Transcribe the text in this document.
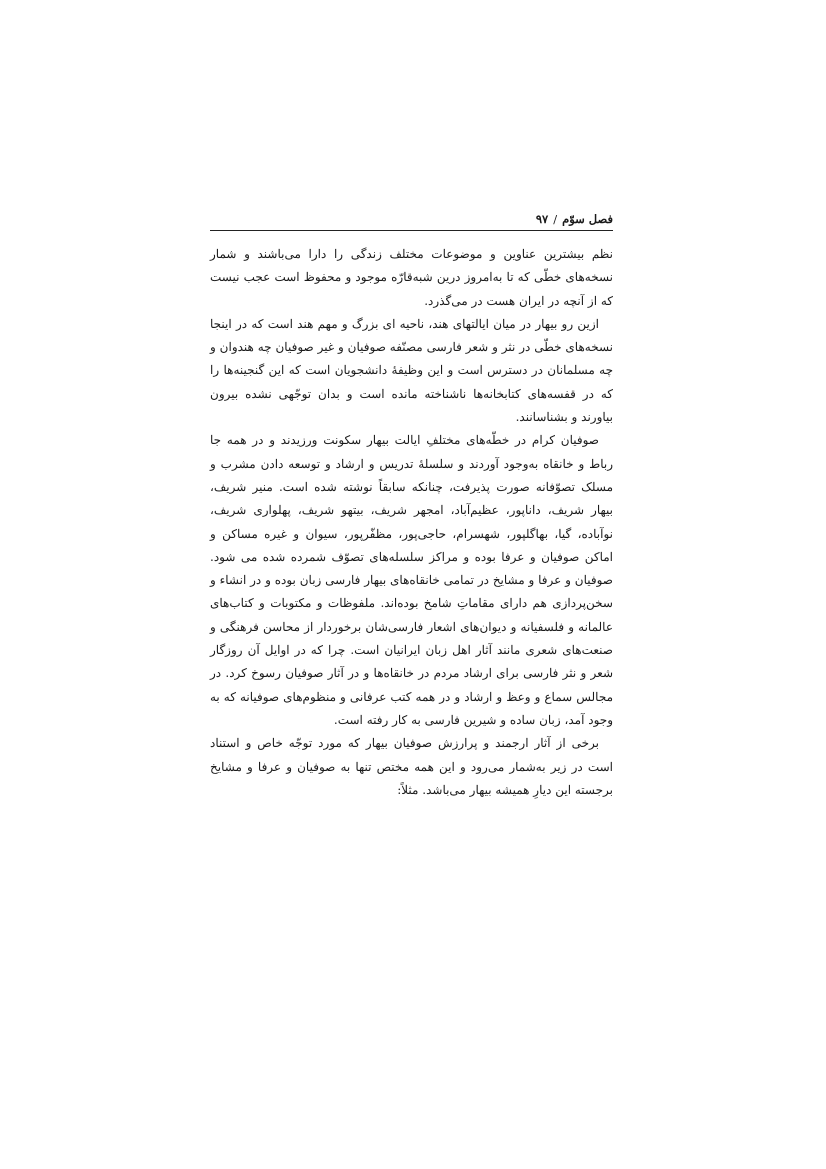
فصل سوّم
/
۹۷

نظم بیشترین عناوین و موضوعات مختلف زندگی را دارا می‌باشند و شمار نسخه‌های خطّی که تا به‌امروز درین شبه‌قارّه موجود و محفوظ است عجب نیست که از آنچه در ایران هست در می‌گذرد.

ازین رو بیهار در میان ایالتهای هند، ناحیه ای بزرگ و مهم هند است که در اینجا نسخه‌های خطّی در نثر و شعر فارسی مصنّفه صوفیان و غیر صوفیان چه هندوان و چه مسلمانان در دسترس است و این وظیفهٔ دانشجویان است که این گنجینه‌ها را که در قفسه‌های کتابخانه‌ها ناشناخته مانده است و بدان توجّهی نشده بیرون بیاورند و بشناسانند.

صوفیان کرام در خطّه‌های مختلفِ ایالت بیهار سکونت ورزیدند و در همه جا رباط و خانقاه به‌وجود آوردند و سلسلهٔ تدریس و ارشاد و توسعه دادن مشرب و مسلک تصوّفانه صورت پذیرفت، چنانکه سابقاً نوشته شده است. منیر شریف، بیهار شریف، داناپور، عظیم‌آباد، امجهر شریف، بیتهو شریف، پهلواری شریف، نوآباده، گیا، بهاگلپور، شهسرام، حاجی‌پور، مظفّرپور، سیوان و غیره مساکن و اماکن صوفیان و عرفا بوده و مراکز سلسله‌های تصوّف شمرده شده می شود. صوفیان و عرفا و مشایخ در تمامی خانقاه‌های بیهار فارسی زبان بوده و در انشاء و سخن‌پردازی هم دارای مقاماتِ شامخ بوده‌اند. ملفوظات و مکتوبات و کتاب‌های عالمانه و فلسفیانه و دیوان‌های اشعار فارسی‌شان برخوردار از محاسن فرهنگی و صنعت‌های شعری مانند آثار اهل زبان ایرانیان است. چرا که در اوایل آن روزگار شعر و نثر فارسی برای ارشاد مردم در خانقاه‌ها و در آثار صوفیان رسوخ کرد. در مجالس سماع و وعظ و ارشاد و در همه کتب عرفانی و منظوم‌های صوفیانه که به وجود آمد، زبان ساده و شیرین فارسی به کار رفته است.

برخی از آثار ارجمند و پرارزش صوفیان بیهار که مورد توجّه خاص و استناد است در زیر به‌شمار می‌رود و این همه مختص تنها به صوفیان و عرفا و مشایخ برجسته این دیارِ همیشه بیهار می‌باشد. مثلاً:
